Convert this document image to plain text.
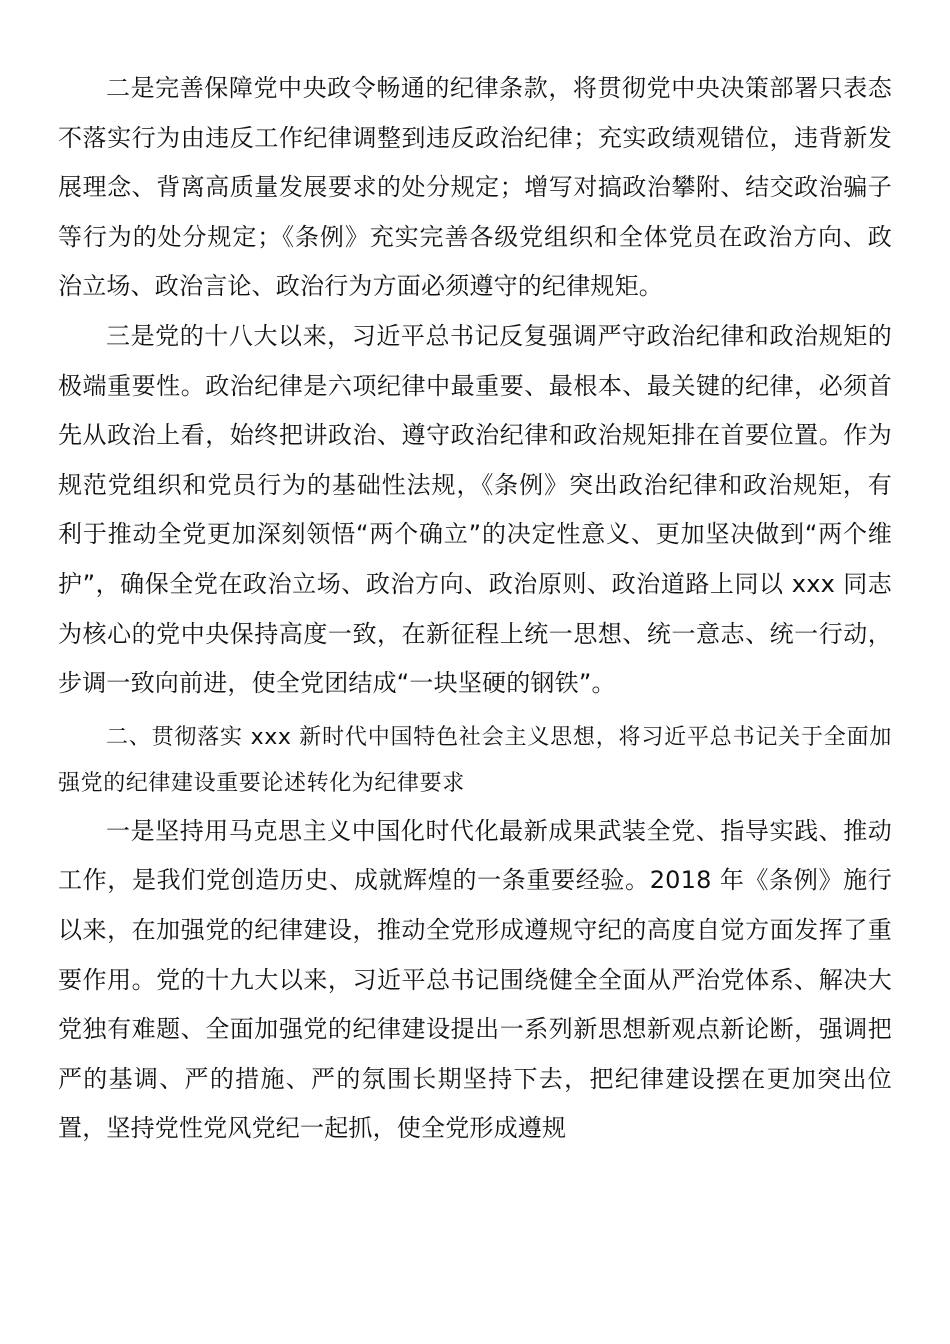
二是完善保障党中央政令畅通的纪律条款，将贯彻党中央决策部署只表态不落实行为由违反工作纪律调整到违反政治纪律；充实政绩观错位，违背新发展理念、背离高质量发展要求的处分规定；增写对搞政治攀附、结交政治骗子等行为的处分规定；《条例》充实完善各级党组织和全体党员在政治方向、政治立场、政治言论、政治行为方面必须遵守的纪律规矩。

三是党的十八大以来，习近平总书记反复强调严守政治纪律和政治规矩的极端重要性。政治纪律是六项纪律中最重要、最根本、最关键的纪律，必须首先从政治上看，始终把讲政治、遵守政治纪律和政治规矩排在首要位置。作为规范党组织和党员行为的基础性法规，《条例》突出政治纪律和政治规矩，有利于推动全党更加深刻领悟“两个确立”的决定性意义、更加坚决做到“两个维护”，确保全党在政治立场、政治方向、政治原则、政治道路上同以 xxx 同志为核心的党中央保持高度一致，在新征程上统一思想、统一意志、统一行动，步调一致向前进，使全党团结成“一块坚硬的钢铁”。

二、贯彻落实 xxx 新时代中国特色社会主义思想，将习近平总书记关于全面加强党的纪律建设重要论述转化为纪律要求

一是坚持用马克思主义中国化时代化最新成果武装全党、指导实践、推动工作，是我们党创造历史、成就辉煌的一条重要经验。2018 年《条例》施行以来，在加强党的纪律建设，推动全党形成遵规守纪的高度自觉方面发挥了重要作用。党的十九大以来，习近平总书记围绕健全全面从严治党体系、解决大党独有难题、全面加强党的纪律建设提出一系列新思想新观点新论断，强调把严的基调、严的措施、严的氛围长期坚持下去，把纪律建设摆在更加突出位置，坚持党性党风党纪一起抓，使全党形成遵规
